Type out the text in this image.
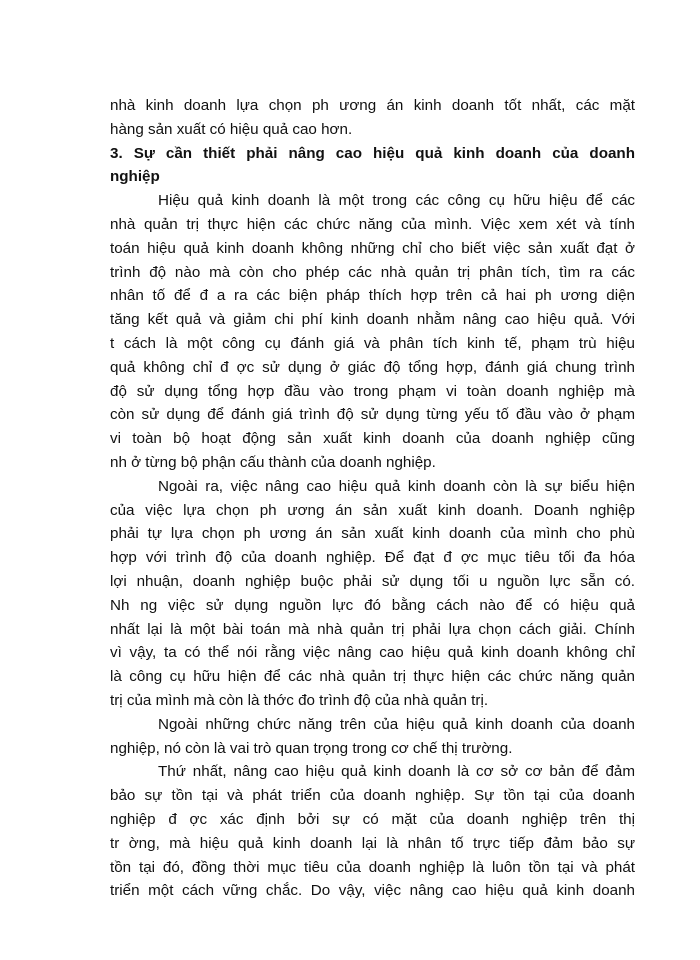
nhà kinh doanh lựa chọn ph ương án kinh doanh tốt nhất, các mặt
hàng sản xuất có hiệu quả cao hơn.
3. Sự cần thiết phải nâng cao hiệu quả kinh doanh của doanh
nghiệp
Hiệu quả kinh doanh là một trong các công cụ hữu hiệu để các
nhà quản trị thực hiện các chức năng của mình. Việc xem xét và tính
toán hiệu quả kinh doanh không những chỉ cho biết việc sản xuất đạt ở
trình độ nào mà còn cho phép các nhà quản trị phân tích, tìm ra các
nhân tố để đ a ra các biện pháp thích hợp trên cả hai ph ương diện
tăng kết quả và giảm chi phí kinh doanh nhằm nâng cao hiệu quả. Với
t cách là một công cụ đánh giá và phân tích kinh tế, phạm trù hiệu
quả không chỉ đ ợc sử dụng ở giác độ tổng hợp, đánh giá chung trình
độ sử dụng tổng hợp đầu vào trong phạm vi toàn doanh nghiệp mà
còn sử dụng để đánh giá trình độ sử dụng từng yếu tố đầu vào ở phạm
vi toàn bộ hoạt động sản xuất kinh doanh của doanh nghiệp cũng
nh ở từng bộ phận cấu thành của doanh nghiệp.
Ngoài ra, việc nâng cao hiệu quả kinh doanh còn là sự biểu hiện
của việc lựa chọn ph ương án sản xuất kinh doanh. Doanh nghiệp
phải tự lựa chọn ph ương án sản xuất kinh doanh của mình cho phù
hợp với trình độ của doanh nghiệp. Để đạt đ ợc mục tiêu tối đa hóa
lợi nhuận, doanh nghiệp buộc phải sử dụng tối u nguồn lực sẵn có.
Nh ng việc sử dụng nguồn lực đó bằng cách nào để có hiệu quả
nhất lại là một bài toán mà nhà quản trị phải lựa chọn cách giải. Chính
vì vậy, ta có thể nói rằng việc nâng cao hiệu quả kinh doanh không chỉ
là công cụ hữu hiện để các nhà quản trị thực hiện các chức năng quản
trị của mình mà còn là thớc đo trình độ của nhà quản trị.
Ngoài những chức năng trên của hiệu quả kinh doanh của doanh
nghiệp, nó còn là vai trò quan trọng trong cơ chế thị trường.
Thứ nhất, nâng cao hiệu quả kinh doanh là cơ sở cơ bản để đảm
bảo sự tồn tại và phát triển của doanh nghiệp. Sự tồn tại của doanh
nghiệp đ ợc xác định bởi sự có mặt của doanh nghiệp trên thị
tr ờng, mà hiệu quả kinh doanh lại là nhân tố trực tiếp đảm bảo sự
tồn tại đó, đồng thời mục tiêu của doanh nghiệp là luôn tồn tại và phát
triển một cách vững chắc. Do vậy, việc nâng cao hiệu quả kinh doanh
